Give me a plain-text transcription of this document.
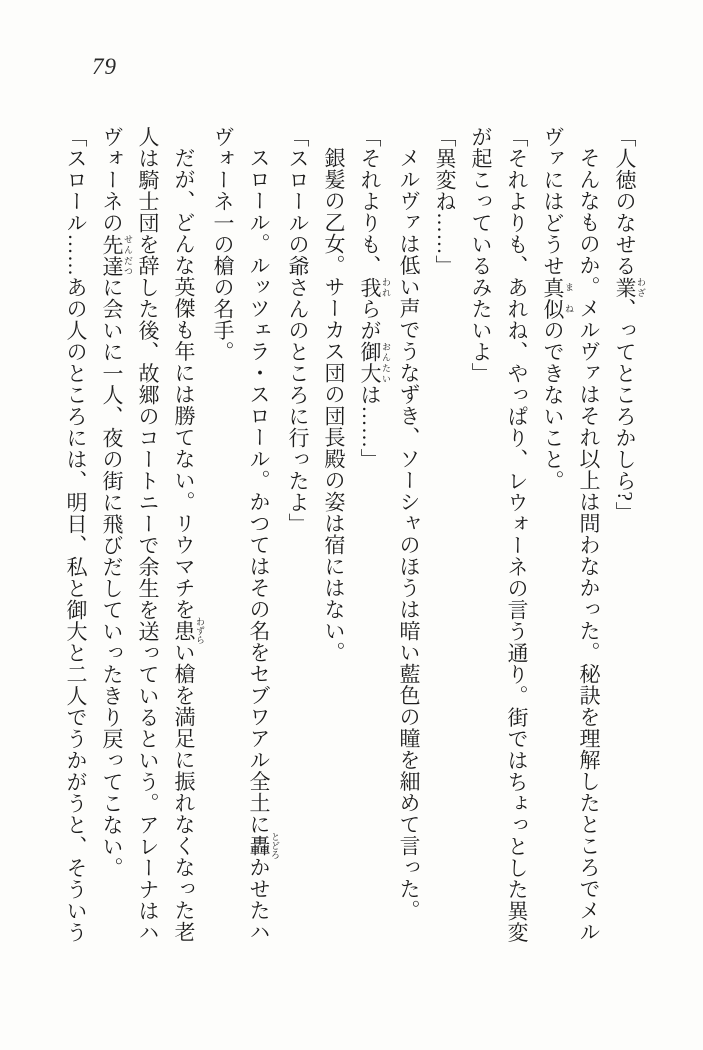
79

「人徳のなせる業 わざ、ってところかしら?」

そんなものか。メルヴァはそれ以上は問わなかった。秘訣を理解したところでメルヴァにはどうせ真似 まねのできないこと。

「それよりも、あれね、やっぱり、レウォーネの言う通り。街ではちょっとした異変が起こっているみたいよ」

「異変ね……」

メルヴァは低い声でうなずき、ソーシャのほうは暗い藍色の瞳を細めて言った。

「それよりも、我 われらが御大 おんたいは……」

銀髪の乙女。サーカス団の団長殿の姿は宿にはない。

「スロールの爺さんのところに行ったよ」

スロール。ルッツェラ・スロール。かつてはその名をセブワアル全土に轟 とどろかせたハヴォーネ一の槍の名手。

だが、どんな英傑も年には勝てない。リウマチを患 わずらい槍を満足に振れなくなった老人は騎士団を辞した後、故郷のコートニーで余生を送っているという。アレーナはハヴォーネの先達 せんだつに会いに一人、夜の街に飛びだしていったきり戻ってこない。

「スロール……あの人のところには、明日、私と御大と二人でうかがうと、そういう
